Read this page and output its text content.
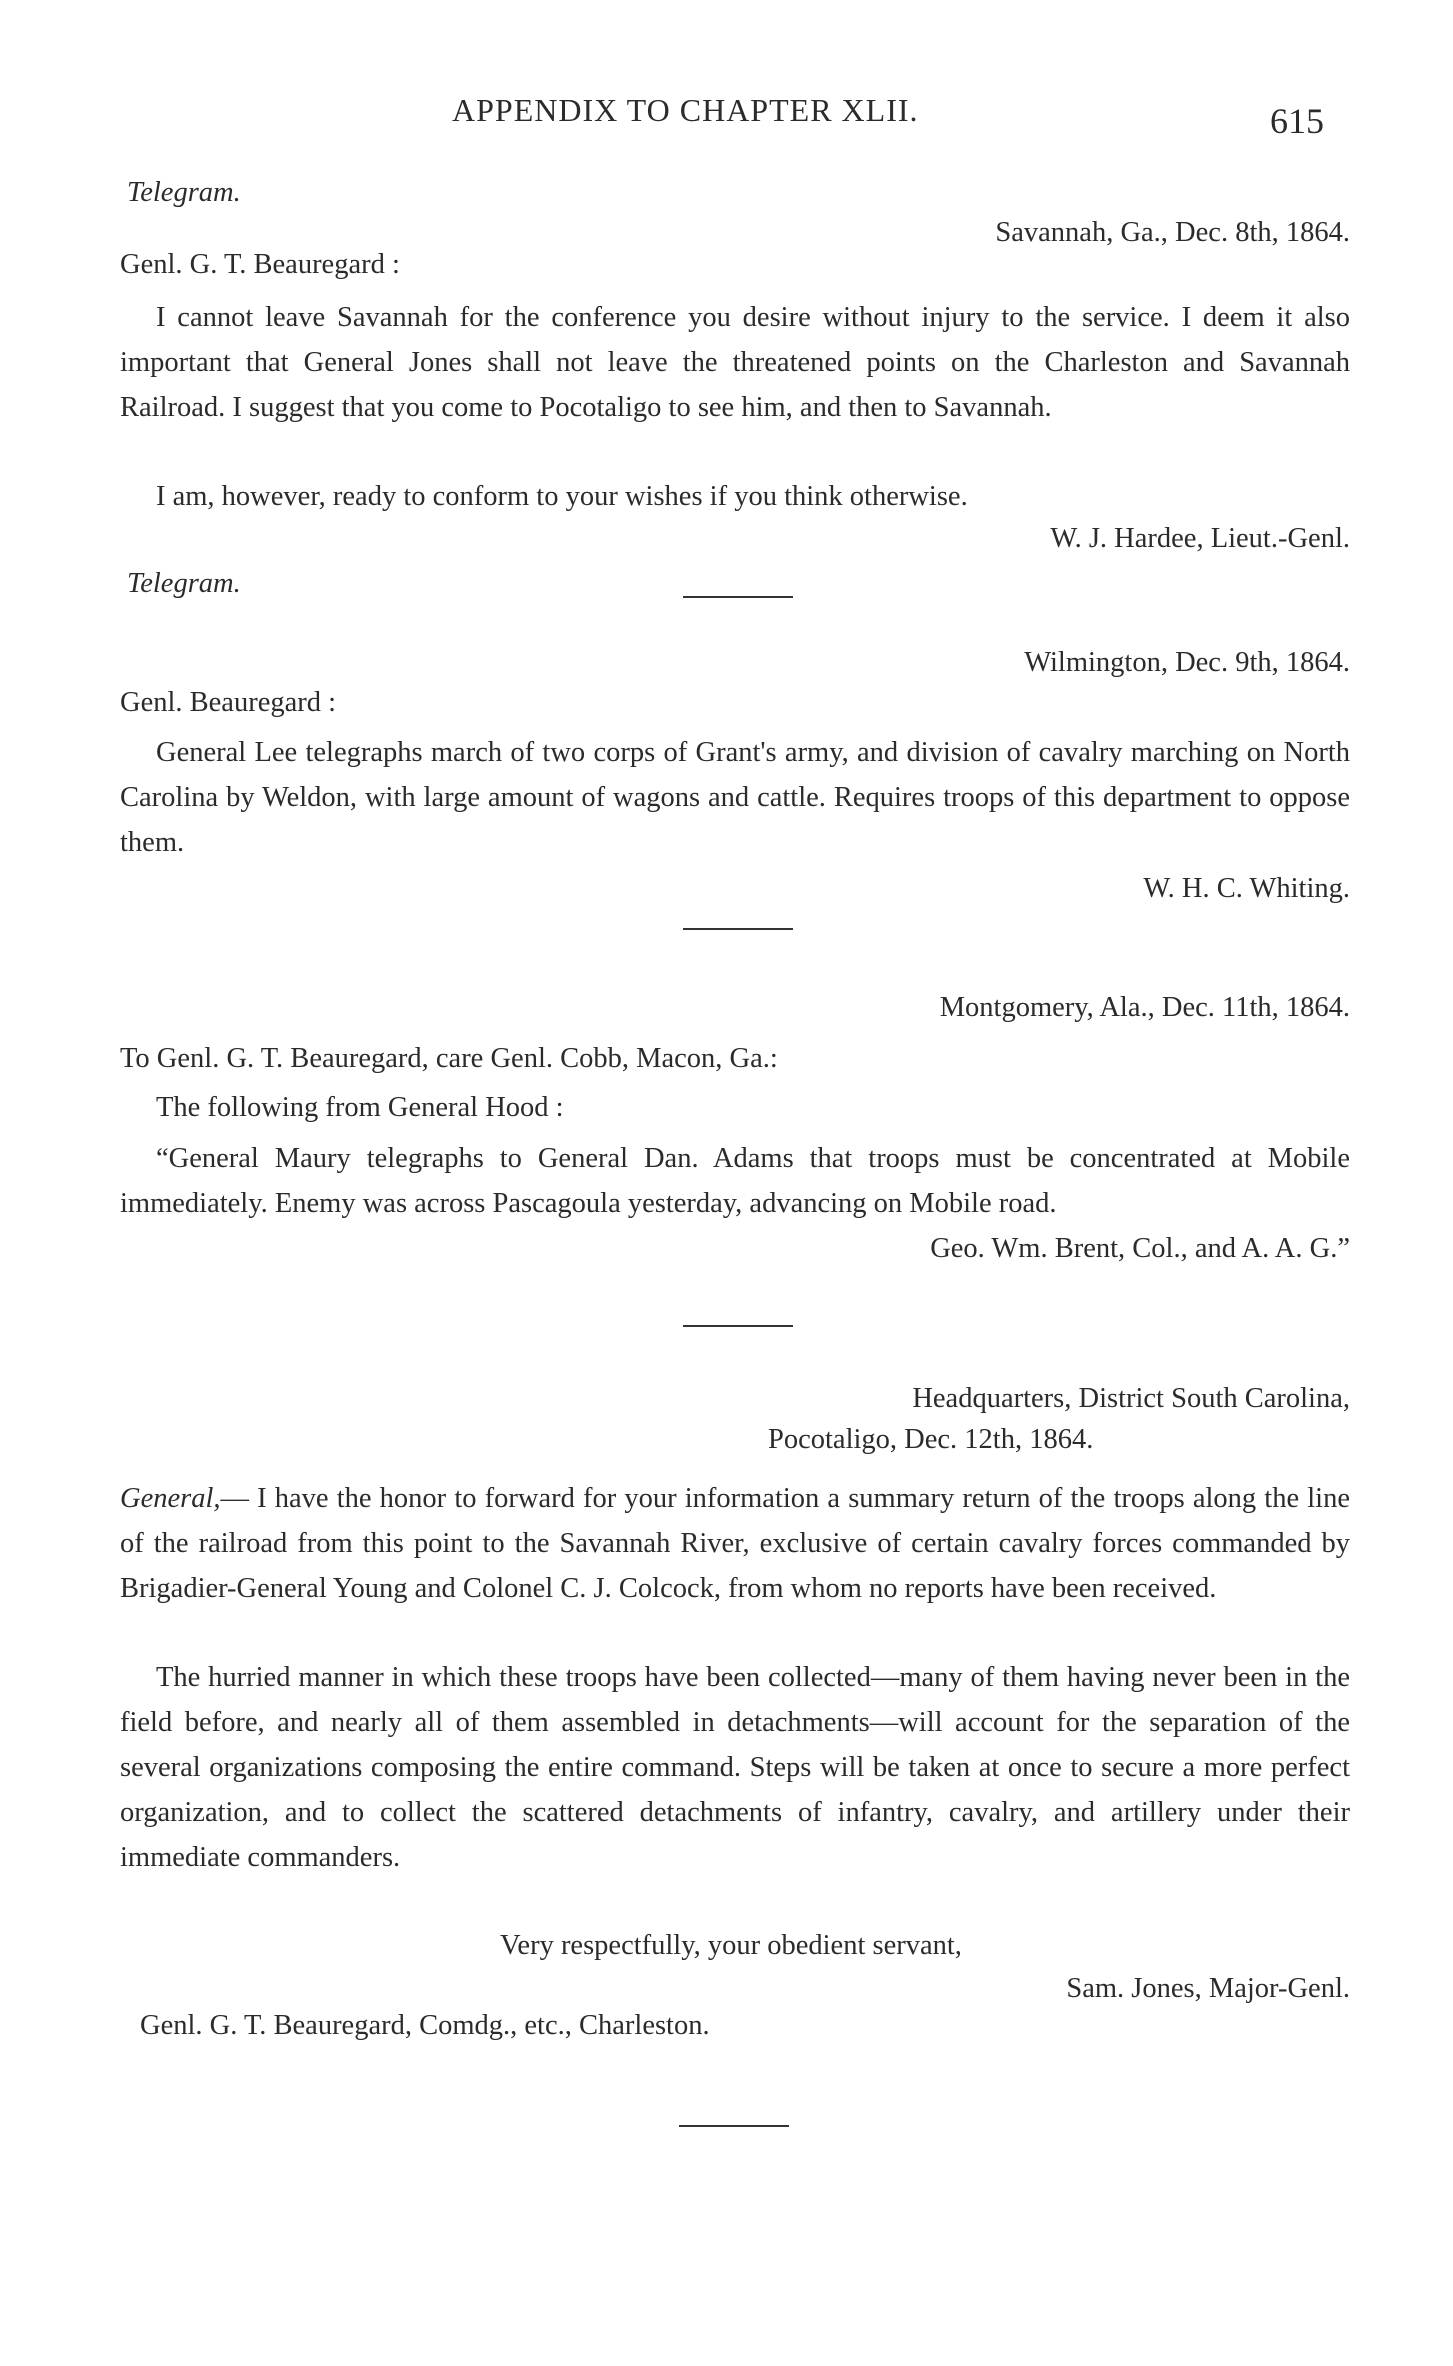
APPENDIX TO CHAPTER XLII.	615
Telegram.
Savannah, Ga., Dec. 8th, 1864.
Genl. G. T. Beauregard :
I cannot leave Savannah for the conference you desire without injury to the service. I deem it also important that General Jones shall not leave the threatened points on the Charleston and Savannah Railroad. I suggest that you come to Pocotaligo to see him, and then to Savannah.
I am, however, ready to conform to your wishes if you think otherwise.
W. J. Hardee, Lieut.-Genl.
Telegram.
Wilmington, Dec. 9th, 1864.
Genl. Beauregard :
General Lee telegraphs march of two corps of Grant's army, and division of cavalry marching on North Carolina by Weldon, with large amount of wagons and cattle. Requires troops of this department to oppose them.
W. H. C. Whiting.
Montgomery, Ala., Dec. 11th, 1864.
To Genl. G. T. Beauregard, care Genl. Cobb, Macon, Ga.:
The following from General Hood :
“General Maury telegraphs to General Dan. Adams that troops must be concentrated at Mobile immediately. Enemy was across Pascagoula yesterday, advancing on Mobile road.
Geo. Wm. Brent, Col., and A. A. G.”
Headquarters, District South Carolina,
Pocotaligo, Dec. 12th, 1864.
General,— I have the honor to forward for your information a summary return of the troops along the line of the railroad from this point to the Savannah River, exclusive of certain cavalry forces commanded by Brigadier-General Young and Colonel C. J. Colcock, from whom no reports have been received.
The hurried manner in which these troops have been collected—many of them having never been in the field before, and nearly all of them assembled in detachments—will account for the separation of the several organizations composing the entire command. Steps will be taken at once to secure a more perfect organization, and to collect the scattered detachments of infantry, cavalry, and artillery under their immediate commanders.
Very respectfully, your obedient servant,
Sam. Jones, Major-Genl.
Genl. G. T. Beauregard, Comdg., etc., Charleston.
